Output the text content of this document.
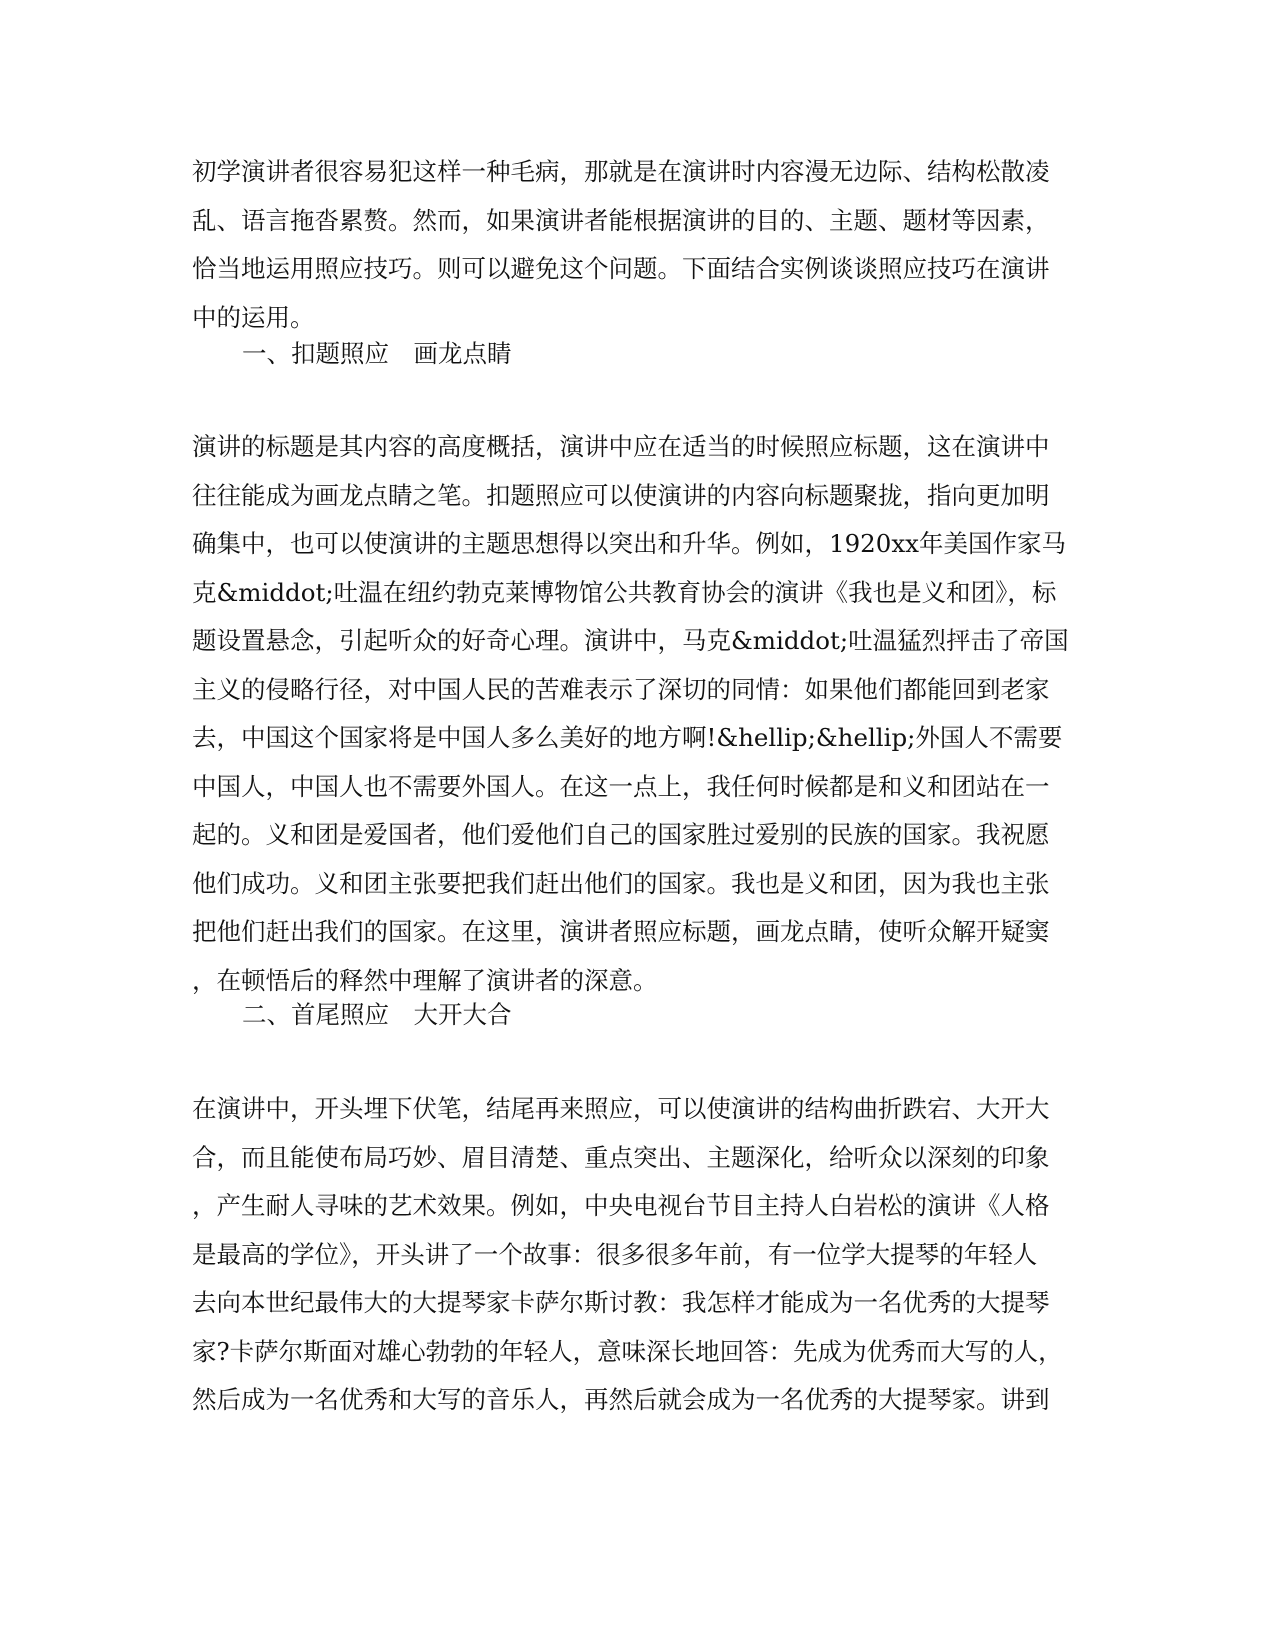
初学演讲者很容易犯这样一种毛病，那就是在演讲时内容漫无边际、结构松散凌
乱、语言拖沓累赘。然而，如果演讲者能根据演讲的目的、主题、题材等因素，
恰当地运用照应技巧。则可以避免这个问题。下面结合实例谈谈照应技巧在演讲
中的运用。
一、扣题照应　画龙点睛
演讲的标题是其内容的高度概括，演讲中应在适当的时候照应标题，这在演讲中
往往能成为画龙点睛之笔。扣题照应可以使演讲的内容向标题聚拢，指向更加明
确集中，也可以使演讲的主题思想得以突出和升华。例如，1920xx年美国作家马
克&middot;吐温在纽约勃克莱博物馆公共教育协会的演讲《我也是义和团》，标
题设置悬念，引起听众的好奇心理。演讲中，马克&middot;吐温猛烈抨击了帝国
主义的侵略行径，对中国人民的苦难表示了深切的同情：如果他们都能回到老家
去，中国这个国家将是中国人多么美好的地方啊!&hellip;&hellip;外国人不需要
中国人，中国人也不需要外国人。在这一点上，我任何时候都是和义和团站在一
起的。义和团是爱国者，他们爱他们自己的国家胜过爱别的民族的国家。我祝愿
他们成功。义和团主张要把我们赶出他们的国家。我也是义和团，因为我也主张
把他们赶出我们的国家。在这里，演讲者照应标题，画龙点睛，使听众解开疑窦
，在顿悟后的释然中理解了演讲者的深意。
二、首尾照应　大开大合
在演讲中，开头埋下伏笔，结尾再来照应，可以使演讲的结构曲折跌宕、大开大
合，而且能使布局巧妙、眉目清楚、重点突出、主题深化，给听众以深刻的印象
，产生耐人寻味的艺术效果。例如，中央电视台节目主持人白岩松的演讲《人格
是最高的学位》，开头讲了一个故事：很多很多年前，有一位学大提琴的年轻人
去向本世纪最伟大的大提琴家卡萨尔斯讨教：我怎样才能成为一名优秀的大提琴
家?卡萨尔斯面对雄心勃勃的年轻人，意味深长地回答：先成为优秀而大写的人，
然后成为一名优秀和大写的音乐人，再然后就会成为一名优秀的大提琴家。讲到
